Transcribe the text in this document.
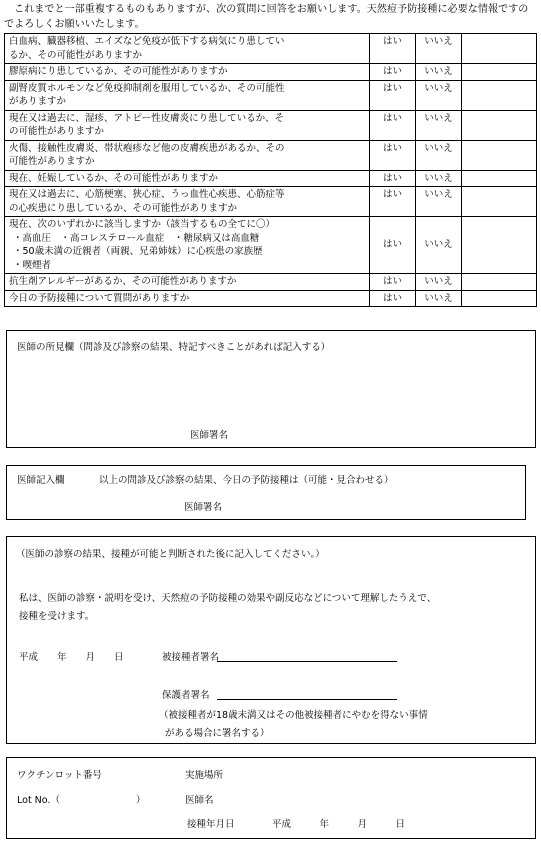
　これまでと一部重複するものもありますが、次の質問に回答をお願いします。天然痘予防接種に必要な情報ですのでよろしくお願いいたします。
白血病、臓器移植、エイズなど免疫が低下する病気にり患してい
るか、その可能性がありますか	はい	いいえ	

膠原病にり患しているか、その可能性がありますか	はい	いいえ	

副腎皮質ホルモンなど免疫抑制剤を服用しているか、その可能性
がありますか	はい	いいえ	

現在又は過去に、湿疹、アトピー性皮膚炎にり患しているか、そ
の可能性がありますか	はい	いいえ	

火傷、接触性皮膚炎、帯状疱疹など他の皮膚疾患があるか、その
可能性がありますか	はい	いいえ	

現在、妊娠しているか、その可能性がありますか	はい	いいえ	

現在又は過去に、心筋梗塞、狭心症、うっ血性心疾患、心筋症等
の心疾患にり患しているか、その可能性がありますか	はい	いいえ	

現在、次のいずれかに該当しますか（該当するもの全てに〇）
・高血圧　・高コレステロール血症　・糖尿病又は高血糖
・50歳未満の近親者（両親、兄弟姉妹）に心疾患の家族歴
・喫煙者	はい	いいえ	

抗生剤アレルギーがあるか、その可能性がありますか	はい	いいえ	

今日の予防接種について質問がありますか	はい	いいえ	
医師の所見欄（問診及び診察の結果、特記すべきことがあれば記入する）
医師署名
医師記入欄	以上の問診及び診察の結果、今日の予防接種は（可能・見合わせる）
医師署名
（医師の診察の結果、接種が可能と判断された後に記入してください。）
私は、医師の診察・説明を受け、天然痘の予防接種の効果や副反応などについて理解したうえで、
接種を受けます。
平成　　年　　月　　日	被接種者署名
保護者署名
（被接種者が18歳未満又はその他被接種者にやむを得ない事情
がある場合に署名する）
ワクチンロット番号
Lot No.（　　　　　　　　）
実施場所
医師名
接種年月日	平成　　　年　　　月　　　日
